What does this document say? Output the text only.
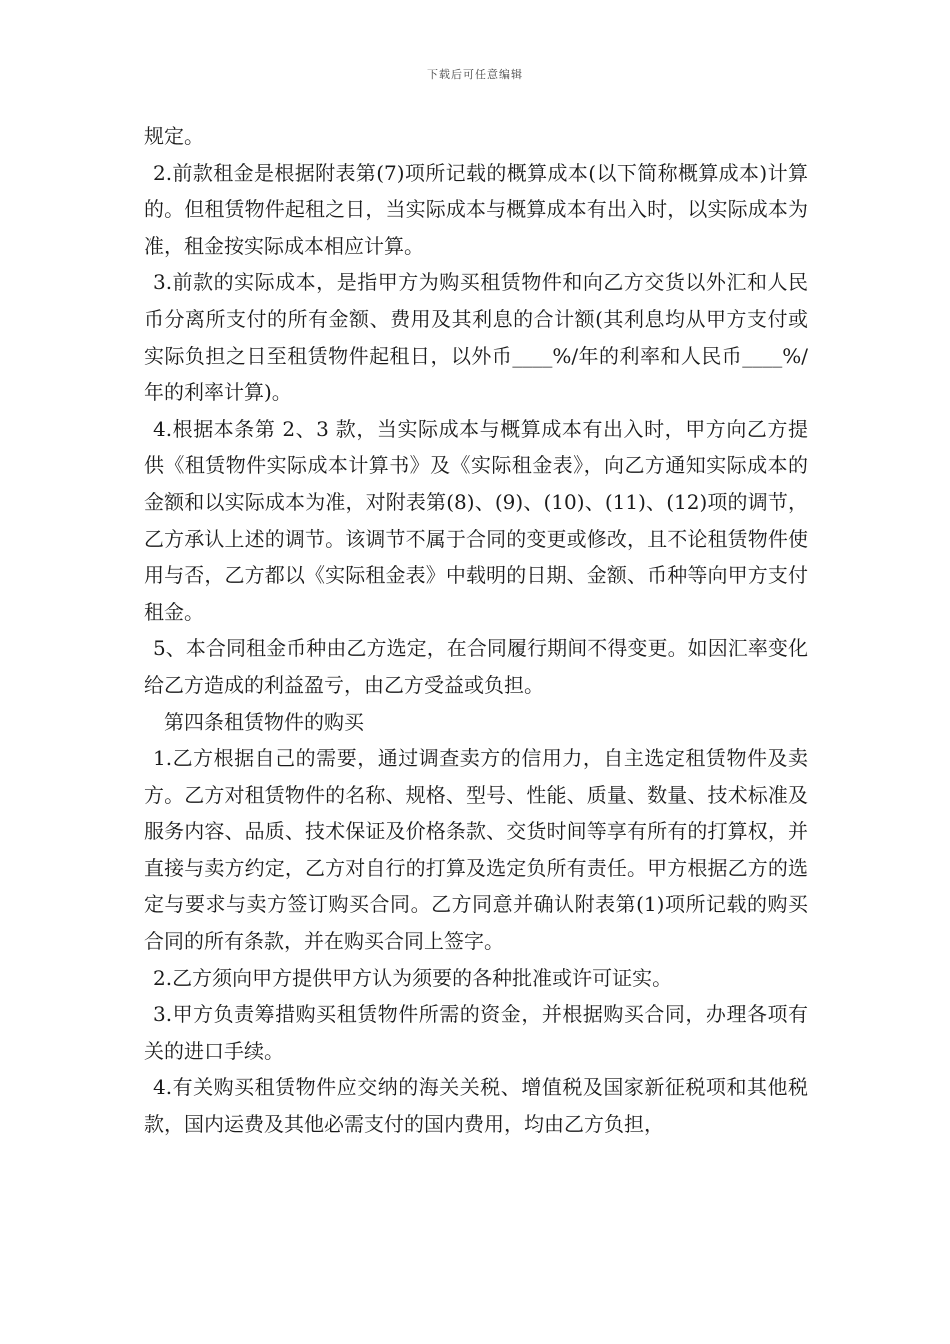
下载后可任意编辑

规定。

2.前款租金是根据附表第(7)项所记载的概算成本(以下简称概算成本)计算的。但租赁物件起租之日，当实际成本与概算成本有出入时，以实际成本为准，租金按实际成本相应计算。

3.前款的实际成本，是指甲方为购买租赁物件和向乙方交货以外汇和人民币分离所支付的所有金额、费用及其利息的合计额(其利息均从甲方支付或实际负担之日至租赁物件起租日，以外币____%/年的利率和人民币____%/年的利率计算)。

4.根据本条第 2、3 款，当实际成本与概算成本有出入时，甲方向乙方提供《租赁物件实际成本计算书》及《实际租金表》，向乙方通知实际成本的金额和以实际成本为准，对附表第(8)、(9)、(10)、(11)、(12)项的调节，乙方承认上述的调节。该调节不属于合同的变更或修改，且不论租赁物件使用与否，乙方都以《实际租金表》中载明的日期、金额、币种等向甲方支付租金。

5、本合同租金币种由乙方选定，在合同履行期间不得变更。如因汇率变化给乙方造成的利益盈亏，由乙方受益或负担。

第四条租赁物件的购买

1.乙方根据自己的需要，通过调查卖方的信用力，自主选定租赁物件及卖方。乙方对租赁物件的名称、规格、型号、性能、质量、数量、技术标准及服务内容、品质、技术保证及价格条款、交货时间等享有所有的打算权，并直接与卖方约定，乙方对自行的打算及选定负所有责任。甲方根据乙方的选定与要求与卖方签订购买合同。乙方同意并确认附表第(1)项所记载的购买合同的所有条款，并在购买合同上签字。

2.乙方须向甲方提供甲方认为须要的各种批准或许可证实。

3.甲方负责筹措购买租赁物件所需的资金，并根据购买合同，办理各项有关的进口手续。

4.有关购买租赁物件应交纳的海关关税、增值税及国家新征税项和其他税款，国内运费及其他必需支付的国内费用，均由乙方负担，
